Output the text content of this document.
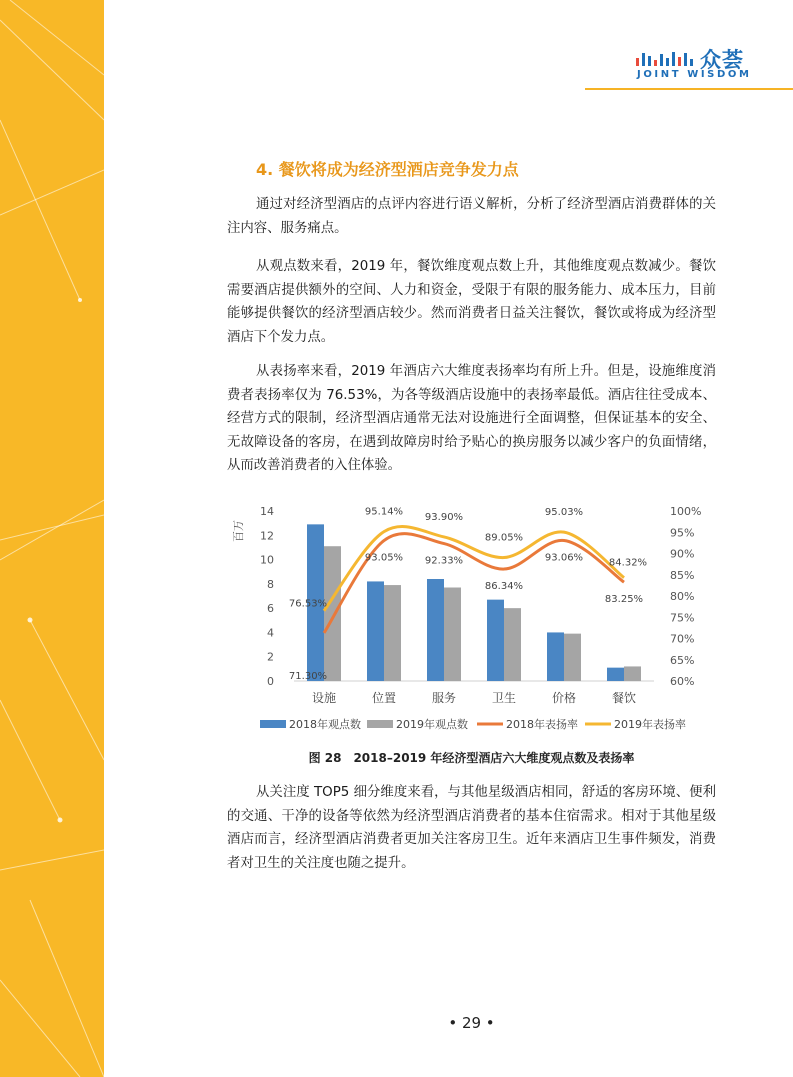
众荟
JOINT WISDOM
4. 餐饮将成为经济型酒店竞争发力点
通过对经济型酒店的点评内容进行语义解析，分析了经济型酒店消费群体的关注内容、服务痛点。
从观点数来看，2019 年，餐饮维度观点数上升，其他维度观点数减少。餐饮需要酒店提供额外的空间、人力和资金，受限于有限的服务能力、成本压力，目前能够提供餐饮的经济型酒店较少。然而消费者日益关注餐饮，餐饮或将成为经济型酒店下个发力点。
从表扬率来看，2019 年酒店六大维度表扬率均有所上升。但是，设施维度消费者表扬率仅为 76.53%，为各等级酒店设施中的表扬率最低。酒店往往受成本、经营方式的限制，经济型酒店通常无法对设施进行全面调整，但保证基本的安全、无故障设备的客房，在遇到故障房时给予贴心的换房服务以减少客户的负面情绪，从而改善消费者的入住体验。
0
2
4
6
8
10
12
14
60%
65%
70%
75%
80%
85%
90%
95%
100%
百万
设施	位置	服务	卫生	价格	餐饮
71.30%
93.05% 92.33%
86.34%
93.06%
83.25%
76.53%
95.14% 93.90%
89.05%
95.03%
84.32%
2018年观点数	2019年观点数	2018年表扬率	2019年表扬率
图 28　2018–2019 年经济型酒店六大维度观点数及表扬率
从关注度 TOP5 细分维度来看，与其他星级酒店相同，舒适的客房环境、便利的交通、干净的设备等依然为经济型酒店消费者的基本住宿需求。相对于其他星级酒店而言，经济型酒店消费者更加关注客房卫生。近年来酒店卫生事件频发，消费者对卫生的关注度也随之提升。
• 29 •
